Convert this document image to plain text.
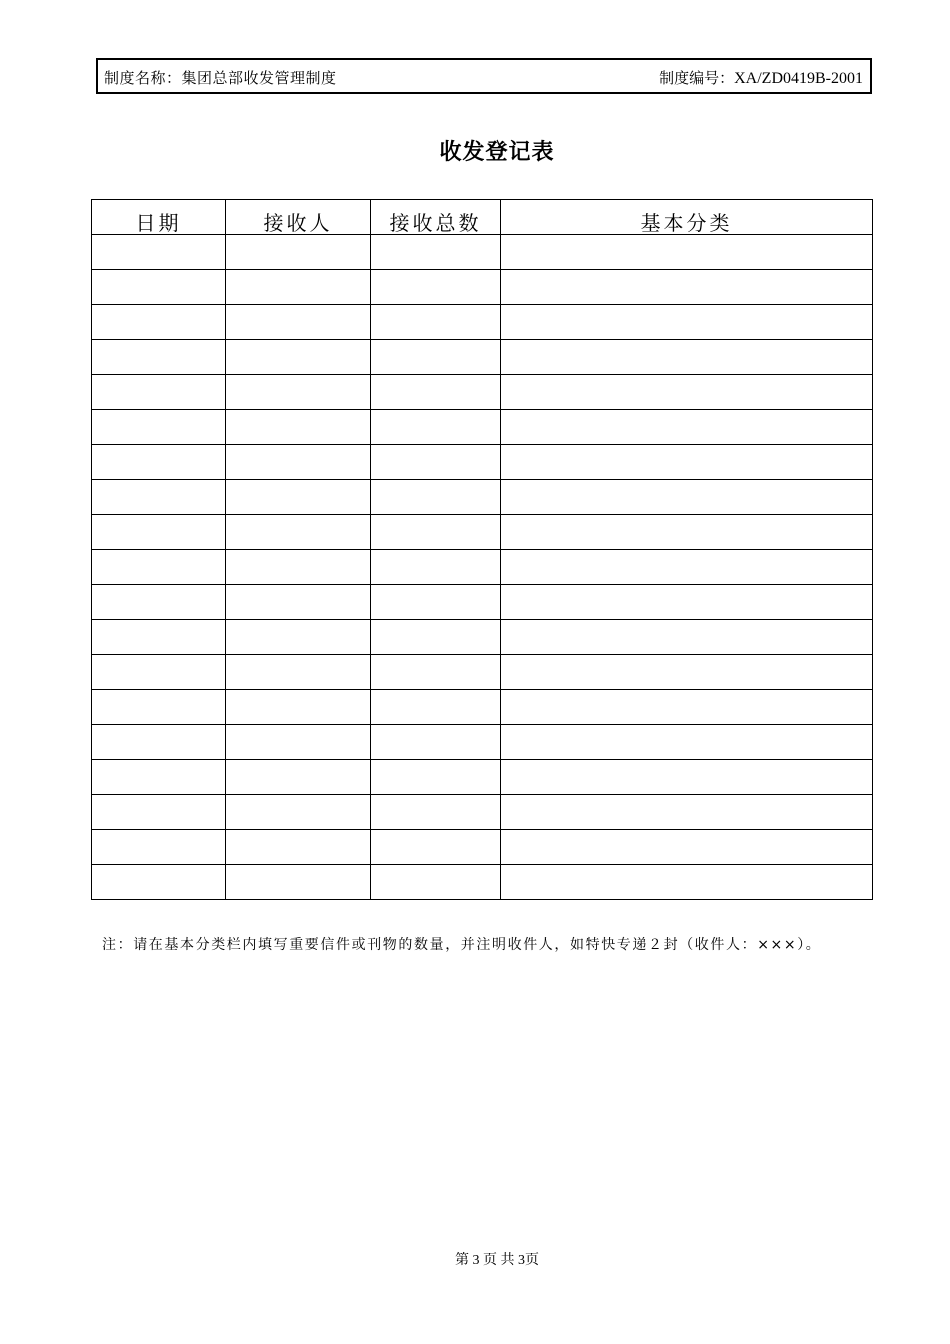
制度名称：集团总部收发管理制度	制度编号：XA/ZD0419B-2001
收发登记表
日期	接收人	接收总数	基本分类

注：请在基本分类栏内填写重要信件或刊物的数量，并注明收件人，如特快专递２封（收件人：×××）。
第 3 页 共 3页
